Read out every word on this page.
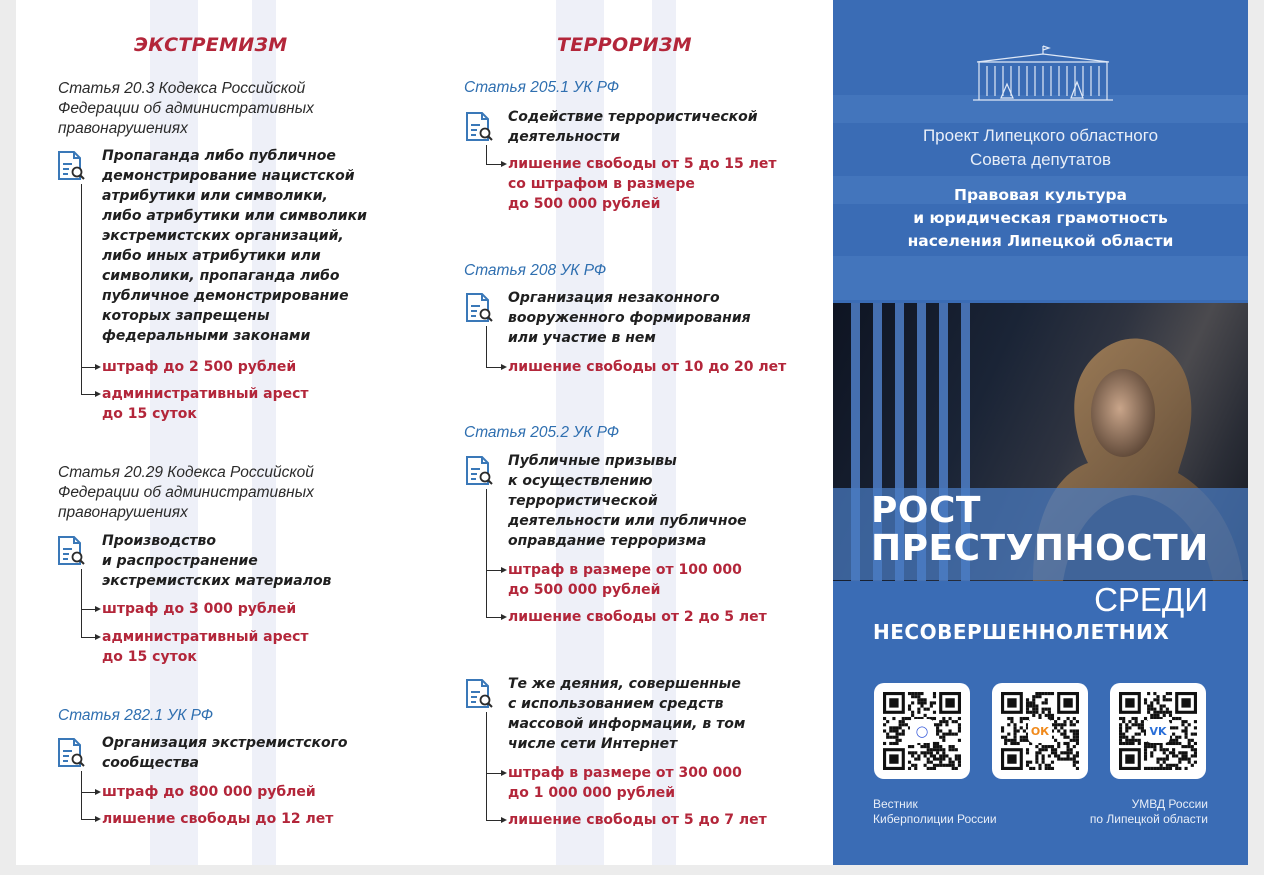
ЭКСТРЕМИЗМ
Статья 20.3 Кодекса Российской
Федерации об административных
правонарушениях
Пропаганда либо публичное
демонстрирование нацистской
атрибутики или символики,
либо атрибутики или символики
экстремистских организаций,
либо иных атрибутики или
символики, пропаганда либо
публичное демонстрирование
которых запрещены
федеральными законами
штраф до 2 500 рублей
административный арест
до 15 суток
Статья 20.29 Кодекса Российской
Федерации об административных
правонарушениях
Производство
и распространение
экстремистских материалов
штраф до 3 000 рублей
административный арест
до 15 суток
Статья 282.1 УК РФ
Организация экстремистского
сообщества
штраф до 800 000 рублей
лишение свободы до 12 лет
ТЕРРОРИЗМ
Статья 205.1 УК РФ
Содействие террористической
деятельности
лишение свободы от 5 до 15 лет
со штрафом в размере
до 500 000 рублей
Статья 208 УК РФ
Организация незаконного
вооруженного формирования
или участие в нем
лишение свободы от 10 до 20 лет
Статья 205.2 УК РФ
Публичные призывы
к осуществлению
террористической
деятельности или публичное
оправдание терроризма
штраф в размере от 100 000
до 500 000 рублей
лишение свободы от 2 до 5 лет
Те же деяния, совершенные
с использованием средств
массовой информации, в том
числе сети Интернет
штраф в размере от 300 000
до 1 000 000 рублей
лишение свободы от 5 до 7 лет
Проект Липецкого областного
Совета депутатов
Правовая культура
и юридическая грамотность
населения Липецкой области
РОСТ
ПРЕСТУПНОСТИ
СРЕДИ
НЕСОВЕРШЕННОЛЕТНИХ
◯	ОК	VK
Вестник
Киберполиции России
УМВД России
по Липецкой области
